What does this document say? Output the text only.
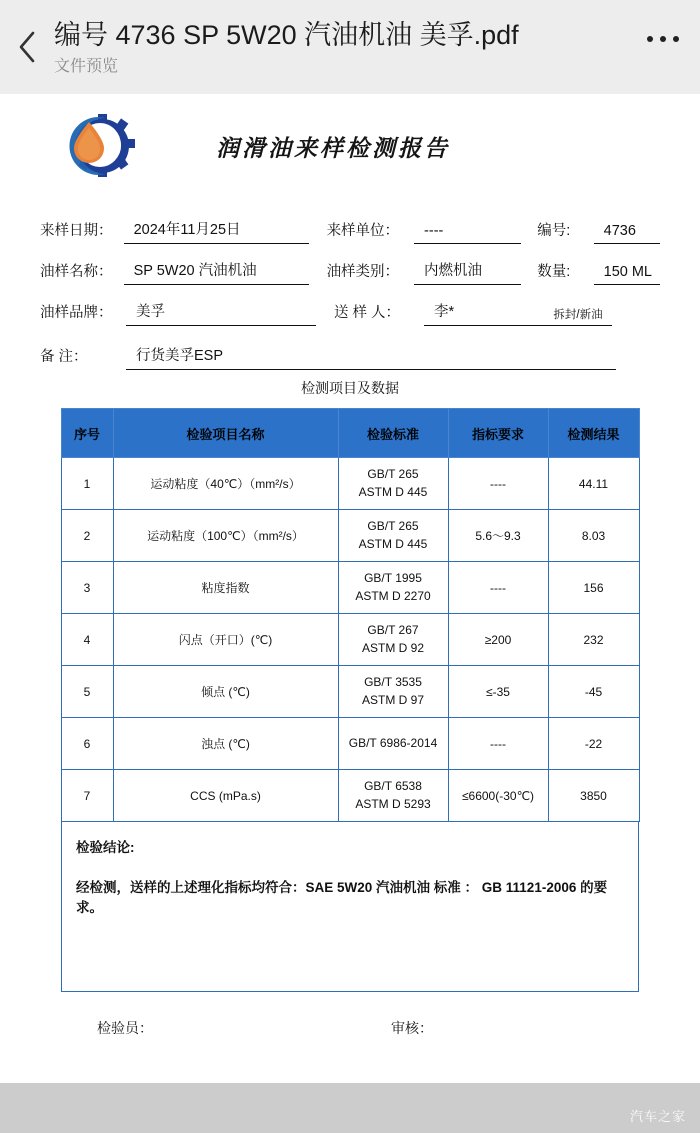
编号 4736 SP 5W20 汽油机油 美孚.pdf
文件预览
润滑油来样检测报告
来样日期：	2024年11月25日	来样单位：	----	编号:	4736
油样名称：	SP 5W20 汽油机油	油样类别：	内燃机油	数量:	150 ML
油样品牌：	美孚	送 样 人：	李*	拆封/新油
备 注：	行货美孚ESP
检测项目及数据
序号	检验项目名称	检验标准	指标要求	检测结果
1	运动粘度（40℃）（mm²/s）	GB/T 265
ASTM D 445	----	44.11
2	运动粘度（100℃）（mm²/s）	GB/T 265
ASTM D 445	5.6～9.3	8.03
3	粘度指数	GB/T 1995
ASTM D 2270	----	156
4	闪点（开口）(℃)	GB/T 267
ASTM D 92	≥200	232
5	倾点 (℃)	GB/T 3535
ASTM D 97	≤-35	-45
6	浊点 (℃)	GB/T 6986-2014	----	-22
7	CCS (mPa.s)	GB/T 6538
ASTM D 5293	≤6600(-30℃)	3850
检验结论:
经检测，送样的上述理化指标均符合：SAE 5W20 汽油机油 标准 ： GB 11121-2006 的要求。
检验员：	审核：
汽车之家
